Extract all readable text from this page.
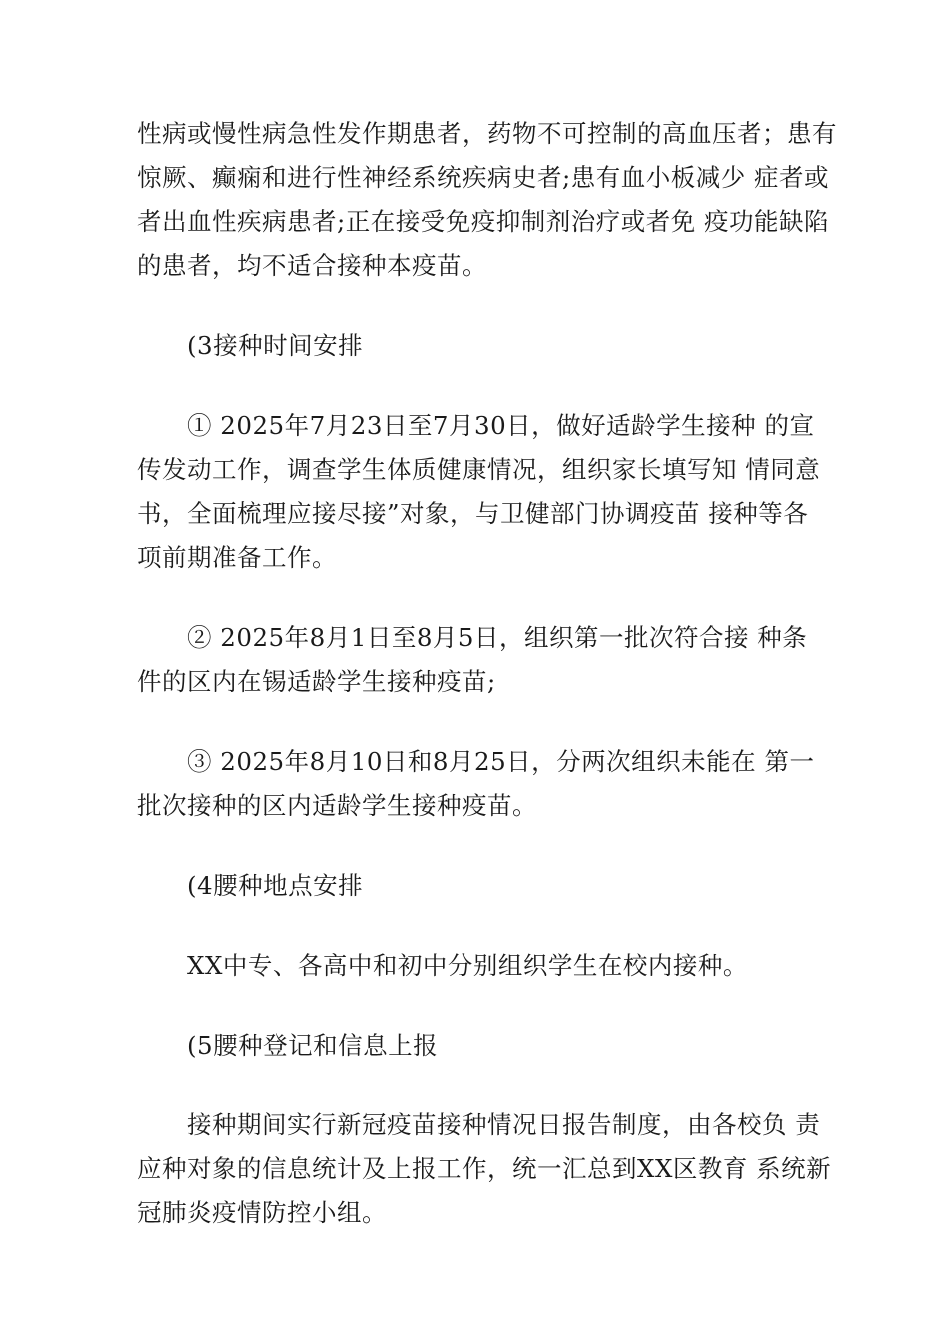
性病或慢性病急性发作期患者，药物不可控制的高血压者；患有
惊厥、癫痫和进行性神经系统疾病史者;患有血小板减少 症者或
者出血性疾病患者;正在接受免疫抑制剂治疗或者免 疫功能缺陷
的患者，均不适合接种本疫苗。

(3接种时间安排

① 2025年7月23日至7月30日，做好适龄学生接种 的宣
传发动工作，调查学生体质健康情况，组织家长填写知 情同意
书，全面梳理应接尽接”对象，与卫健部门协调疫苗 接种等各
项前期准备工作。

② 2025年8月1日至8月5日，组织第一批次符合接 种条
件的区内在锡适龄学生接种疫苗;

③ 2025年8月10日和8月25日，分两次组织未能在 第一
批次接种的区内适龄学生接种疫苗。

(4腰种地点安排

XX中专、各高中和初中分别组织学生在校内接种。

(5腰种登记和信息上报

接种期间实行新冠疫苗接种情况日报告制度，由各校负 责
应种对象的信息统计及上报工作，统一汇总到XX区教育 系统新
冠肺炎疫情防控小组。
